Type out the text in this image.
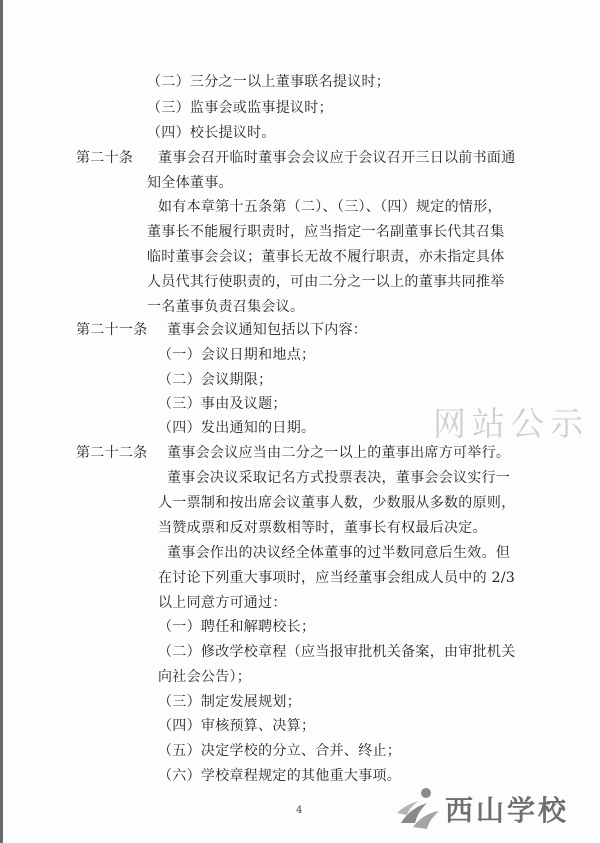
（二）三分之一以上董事联名提议时；
（三）监事会或监事提议时；
（四）校长提议时。
第二十条 董事会召开临时董事会会议应于会议召开三日以前书面通
知全体董事。
如有本章第十五条第（二）、（三）、（四）规定的情形，
董事长不能履行职责时，应当指定一名副董事长代其召集
临时董事会会议；董事长无故不履行职责，亦未指定具体
人员代其行使职责的，可由二分之一以上的董事共同推举
一名董事负责召集会议。
第二十一条 董事会会议通知包括以下内容：
（一）会议日期和地点；
（二）会议期限；
（三）事由及议题；
（四）发出通知的日期。	网站公示
第二十二条 董事会会议应当由二分之一以上的董事出席方可举行。
董事会决议采取记名方式投票表决，董事会会议实行一
人一票制和按出席会议董事人数，少数服从多数的原则，
当赞成票和反对票数相等时，董事长有权最后决定。
董事会作出的决议经全体董事的过半数同意后生效。但
在讨论下列重大事项时，应当经董事会组成人员中的 2/3
以上同意方可通过：
（一）聘任和解聘校长；
（二）修改学校章程（应当报审批机关备案，由审批机关
向社会公告）；
（三）制定发展规划；
（四）审核预算、决算；
（五）决定学校的分立、合并、终止；
（六）学校章程规定的其他重大事项。
4	西山学校
